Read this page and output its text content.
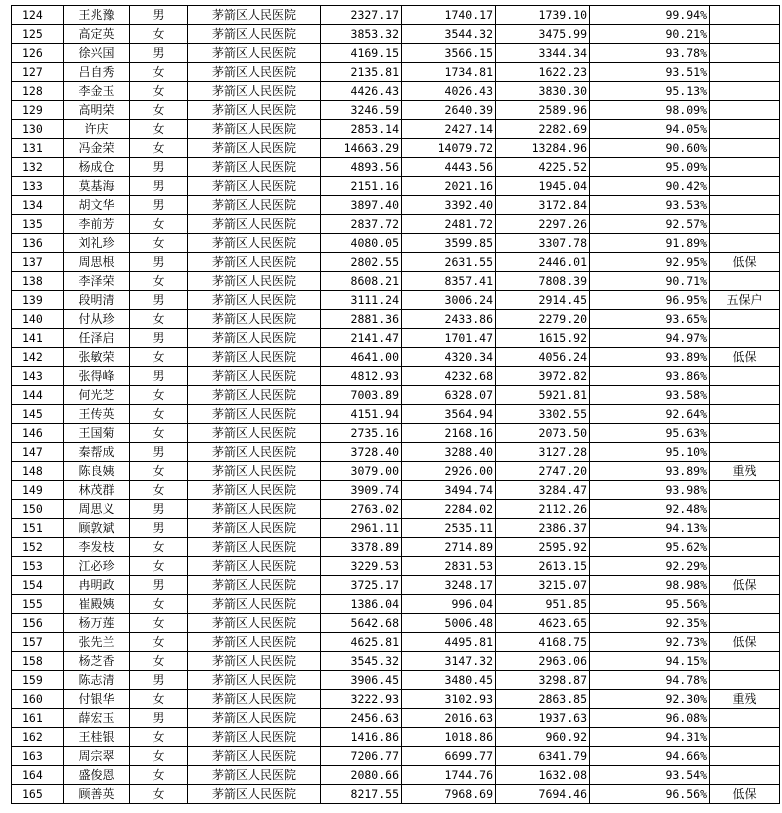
124	王兆豫	男	茅箭区人民医院	2327.17	1740.17	1739.10	99.94%	
125	高定英	女	茅箭区人民医院	3853.32	3544.32	3475.99	90.21%	
126	徐兴国	男	茅箭区人民医院	4169.15	3566.15	3344.34	93.78%	
127	吕自秀	女	茅箭区人民医院	2135.81	1734.81	1622.23	93.51%	
128	李金玉	女	茅箭区人民医院	4426.43	4026.43	3830.30	95.13%	
129	高明荣	女	茅箭区人民医院	3246.59	2640.39	2589.96	98.09%	
130	许庆	女	茅箭区人民医院	2853.14	2427.14	2282.69	94.05%	
131	冯金荣	女	茅箭区人民医院	14663.29	14079.72	13284.96	90.60%	
132	杨成仓	男	茅箭区人民医院	4893.56	4443.56	4225.52	95.09%	
133	莫基海	男	茅箭区人民医院	2151.16	2021.16	1945.04	90.42%	
134	胡文华	男	茅箭区人民医院	3897.40	3392.40	3172.84	93.53%	
135	李前芳	女	茅箭区人民医院	2837.72	2481.72	2297.26	92.57%	
136	刘礼珍	女	茅箭区人民医院	4080.05	3599.85	3307.78	91.89%	
137	周思根	男	茅箭区人民医院	2802.55	2631.55	2446.01	92.95%	低保
138	李泽荣	女	茅箭区人民医院	8608.21	8357.41	7808.39	90.71%	
139	段明清	男	茅箭区人民医院	3111.24	3006.24	2914.45	96.95%	五保户
140	付从珍	女	茅箭区人民医院	2881.36	2433.86	2279.20	93.65%	
141	任泽启	男	茅箭区人民医院	2141.47	1701.47	1615.92	94.97%	
142	张敏荣	女	茅箭区人民医院	4641.00	4320.34	4056.24	93.89%	低保
143	张得峰	男	茅箭区人民医院	4812.93	4232.68	3972.82	93.86%	
144	何光芝	女	茅箭区人民医院	7003.89	6328.07	5921.81	93.58%	
145	王传英	女	茅箭区人民医院	4151.94	3564.94	3302.55	92.64%	
146	王国菊	女	茅箭区人民医院	2735.16	2168.16	2073.50	95.63%	
147	秦帮成	男	茅箭区人民医院	3728.40	3288.40	3127.28	95.10%	
148	陈良姨	女	茅箭区人民医院	3079.00	2926.00	2747.20	93.89%	重残
149	林茂群	女	茅箭区人民医院	3909.74	3494.74	3284.47	93.98%	
150	周思义	男	茅箭区人民医院	2763.02	2284.02	2112.26	92.48%	
151	顾敦斌	男	茅箭区人民医院	2961.11	2535.11	2386.37	94.13%	
152	李发枝	女	茅箭区人民医院	3378.89	2714.89	2595.92	95.62%	
153	江必珍	女	茅箭区人民医院	3229.53	2831.53	2613.15	92.29%	
154	冉明政	男	茅箭区人民医院	3725.17	3248.17	3215.07	98.98%	低保
155	崔殿姨	女	茅箭区人民医院	1386.04	996.04	951.85	95.56%	
156	杨万莲	女	茅箭区人民医院	5642.68	5006.48	4623.65	92.35%	
157	张先兰	女	茅箭区人民医院	4625.81	4495.81	4168.75	92.73%	低保
158	杨芝香	女	茅箭区人民医院	3545.32	3147.32	2963.06	94.15%	
159	陈志清	男	茅箭区人民医院	3906.45	3480.45	3298.87	94.78%	
160	付银华	女	茅箭区人民医院	3222.93	3102.93	2863.85	92.30%	重残
161	薛宏玉	男	茅箭区人民医院	2456.63	2016.63	1937.63	96.08%	
162	王桂银	女	茅箭区人民医院	1416.86	1018.86	960.92	94.31%	
163	周宗翠	女	茅箭区人民医院	7206.77	6699.77	6341.79	94.66%	
164	盛俊恩	女	茅箭区人民医院	2080.66	1744.76	1632.08	93.54%	
165	顾善英	女	茅箭区人民医院	8217.55	7968.69	7694.46	96.56%	低保
